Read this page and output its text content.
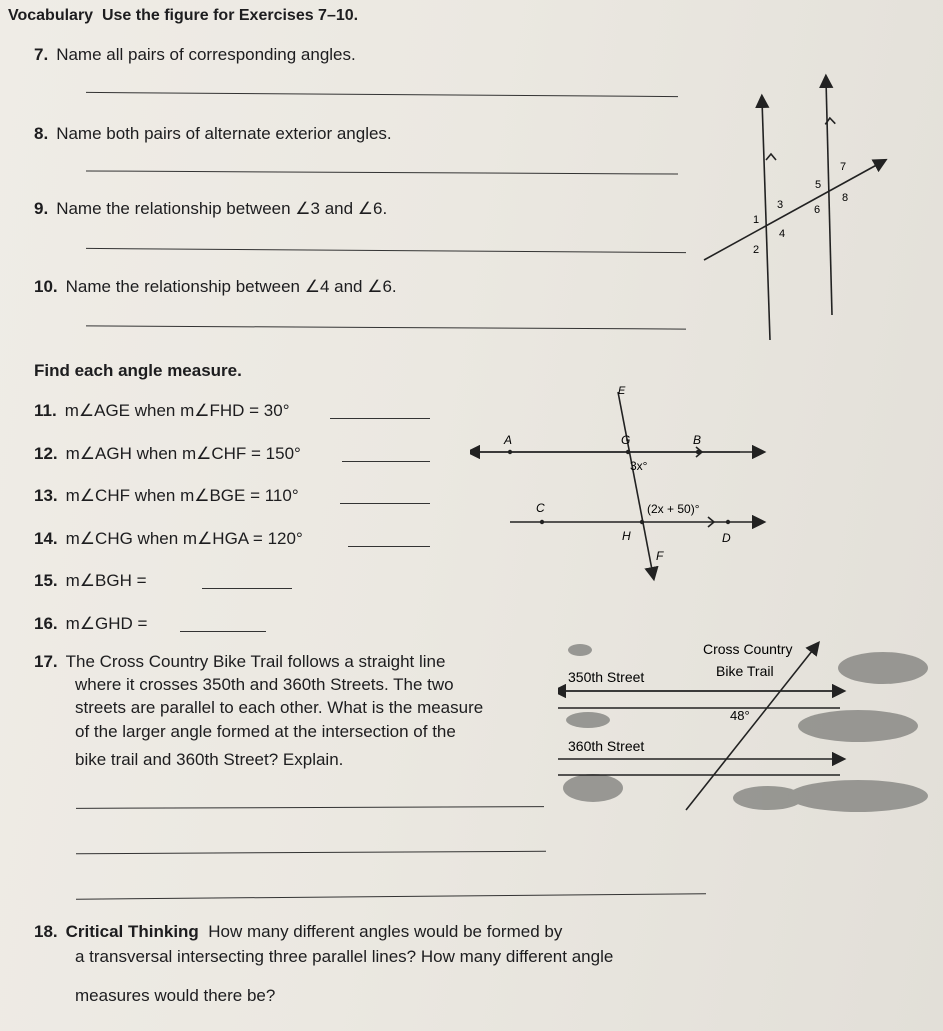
Vocabulary Use the figure for Exercises 7–10.
7. Name all pairs of corresponding angles.
8. Name both pairs of alternate exterior angles.
9. Name the relationship between ∠3 and ∠6.
10. Name the relationship between ∠4 and ∠6.
7
5
8
3	6
1
4
2
Find each angle measure.
11. m∠AGE when m∠FHD = 30°
12. m∠AGH when m∠CHF = 150°
13. m∠CHF when m∠BGE = 110°
14. m∠CHG when m∠HGA = 120°
15. m∠BGH =
16. m∠GHD =
E
A	G	B
3x°
C	(2x + 50)°
H	D
F
17. The Cross Country Bike Trail follows a straight line
where it crosses 350th and 360th Streets. The two
streets are parallel to each other. What is the measure
of the larger angle formed at the intersection of the
bike trail and 360th Street? Explain.
Cross Country
Bike Trail
350th Street
48°
360th Street
18. Critical Thinking How many different angles would be formed by
a transversal intersecting three parallel lines? How many different angle
measures would there be?
